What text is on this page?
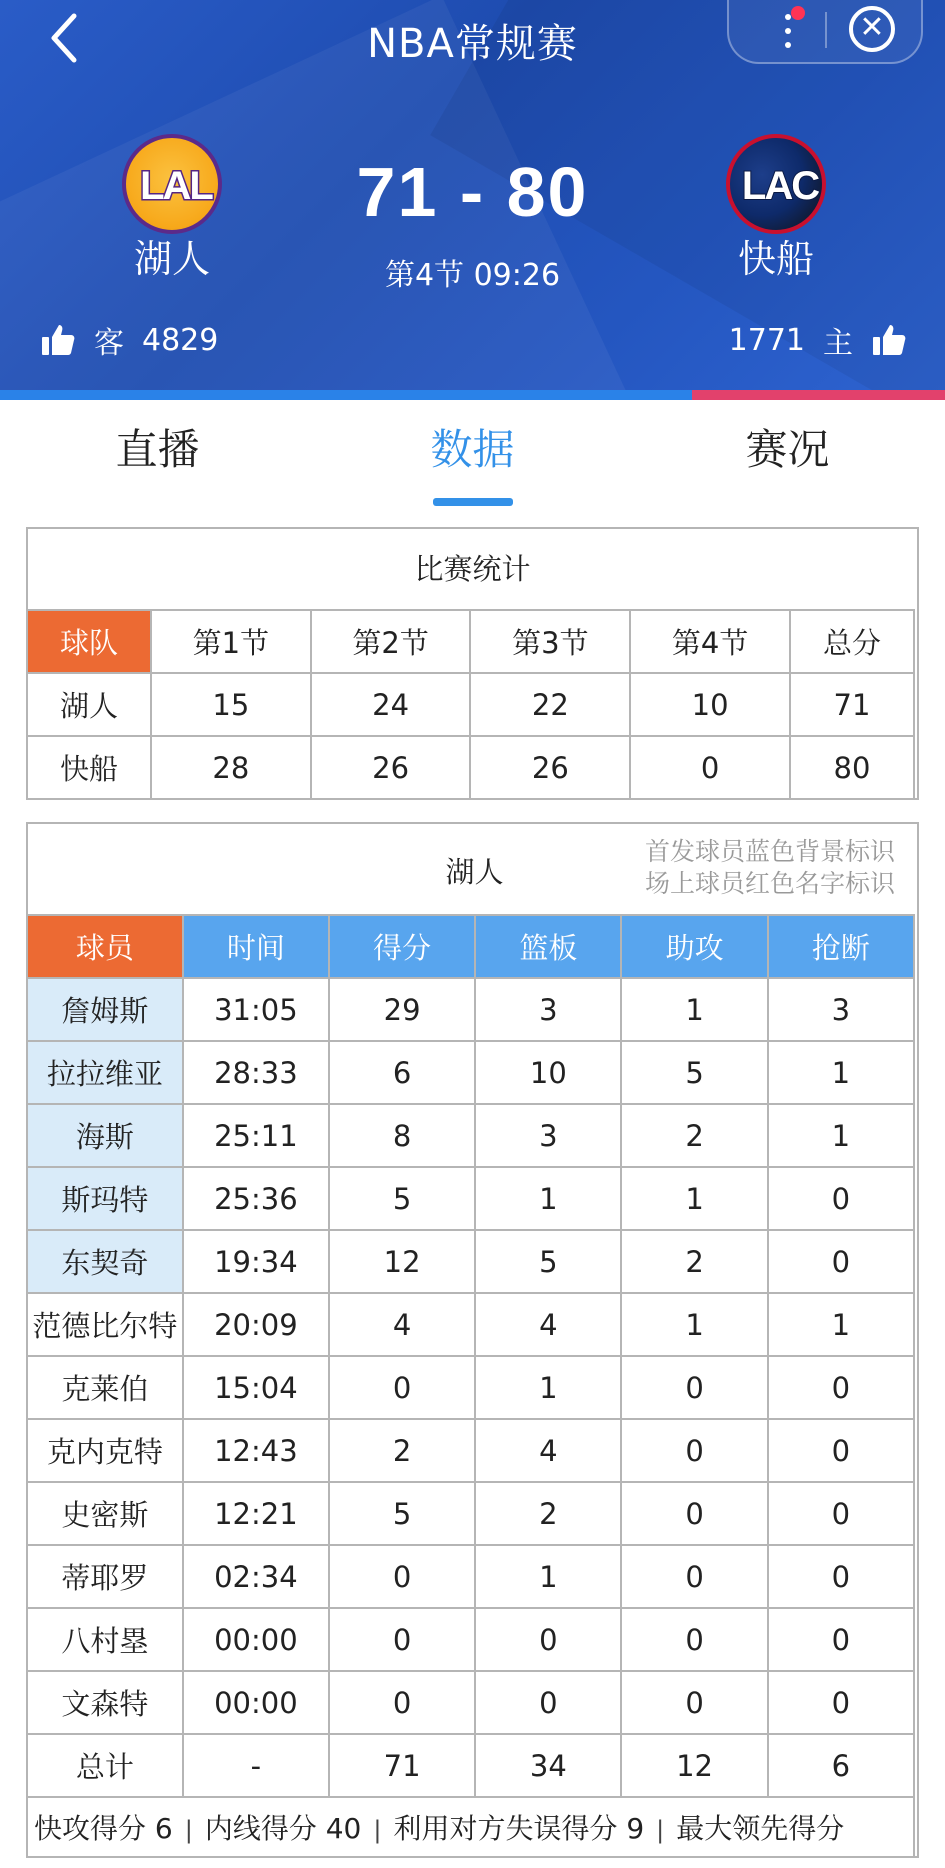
NBA常规赛	✕
LAL
湖人
71 - 80
第4节 09:26
LAC
快船
客 4829	1771 主
直播	数据	赛况
比赛统计
球队	第1节	第2节	第3节	第4节	总分
湖人	15	24	22	10	71
快船	28	26	26	0	80
湖人
首发球员蓝色背景标识
场上球员红色名字标识
球员	时间	得分	篮板	助攻	抢断
詹姆斯	31:05	29	3	1	3
拉拉维亚	28:33	6	10	5	1
海斯	25:11	8	3	2	1
斯玛特	25:36	5	1	1	0
东契奇	19:34	12	5	2	0
范德比尔特	20:09	4	4	1	1
克莱伯	15:04	0	1	0	0
克内克特	12:43	2	4	0	0
史密斯	12:21	5	2	0	0
蒂耶罗	02:34	0	1	0	0
八村塁	00:00	0	0	0	0
文森特	00:00	0	0	0	0
总计	-	71	34	12	6
快攻得分 6 | 内线得分 40 | 利用对方失误得分 9 | 最大领先得分					
